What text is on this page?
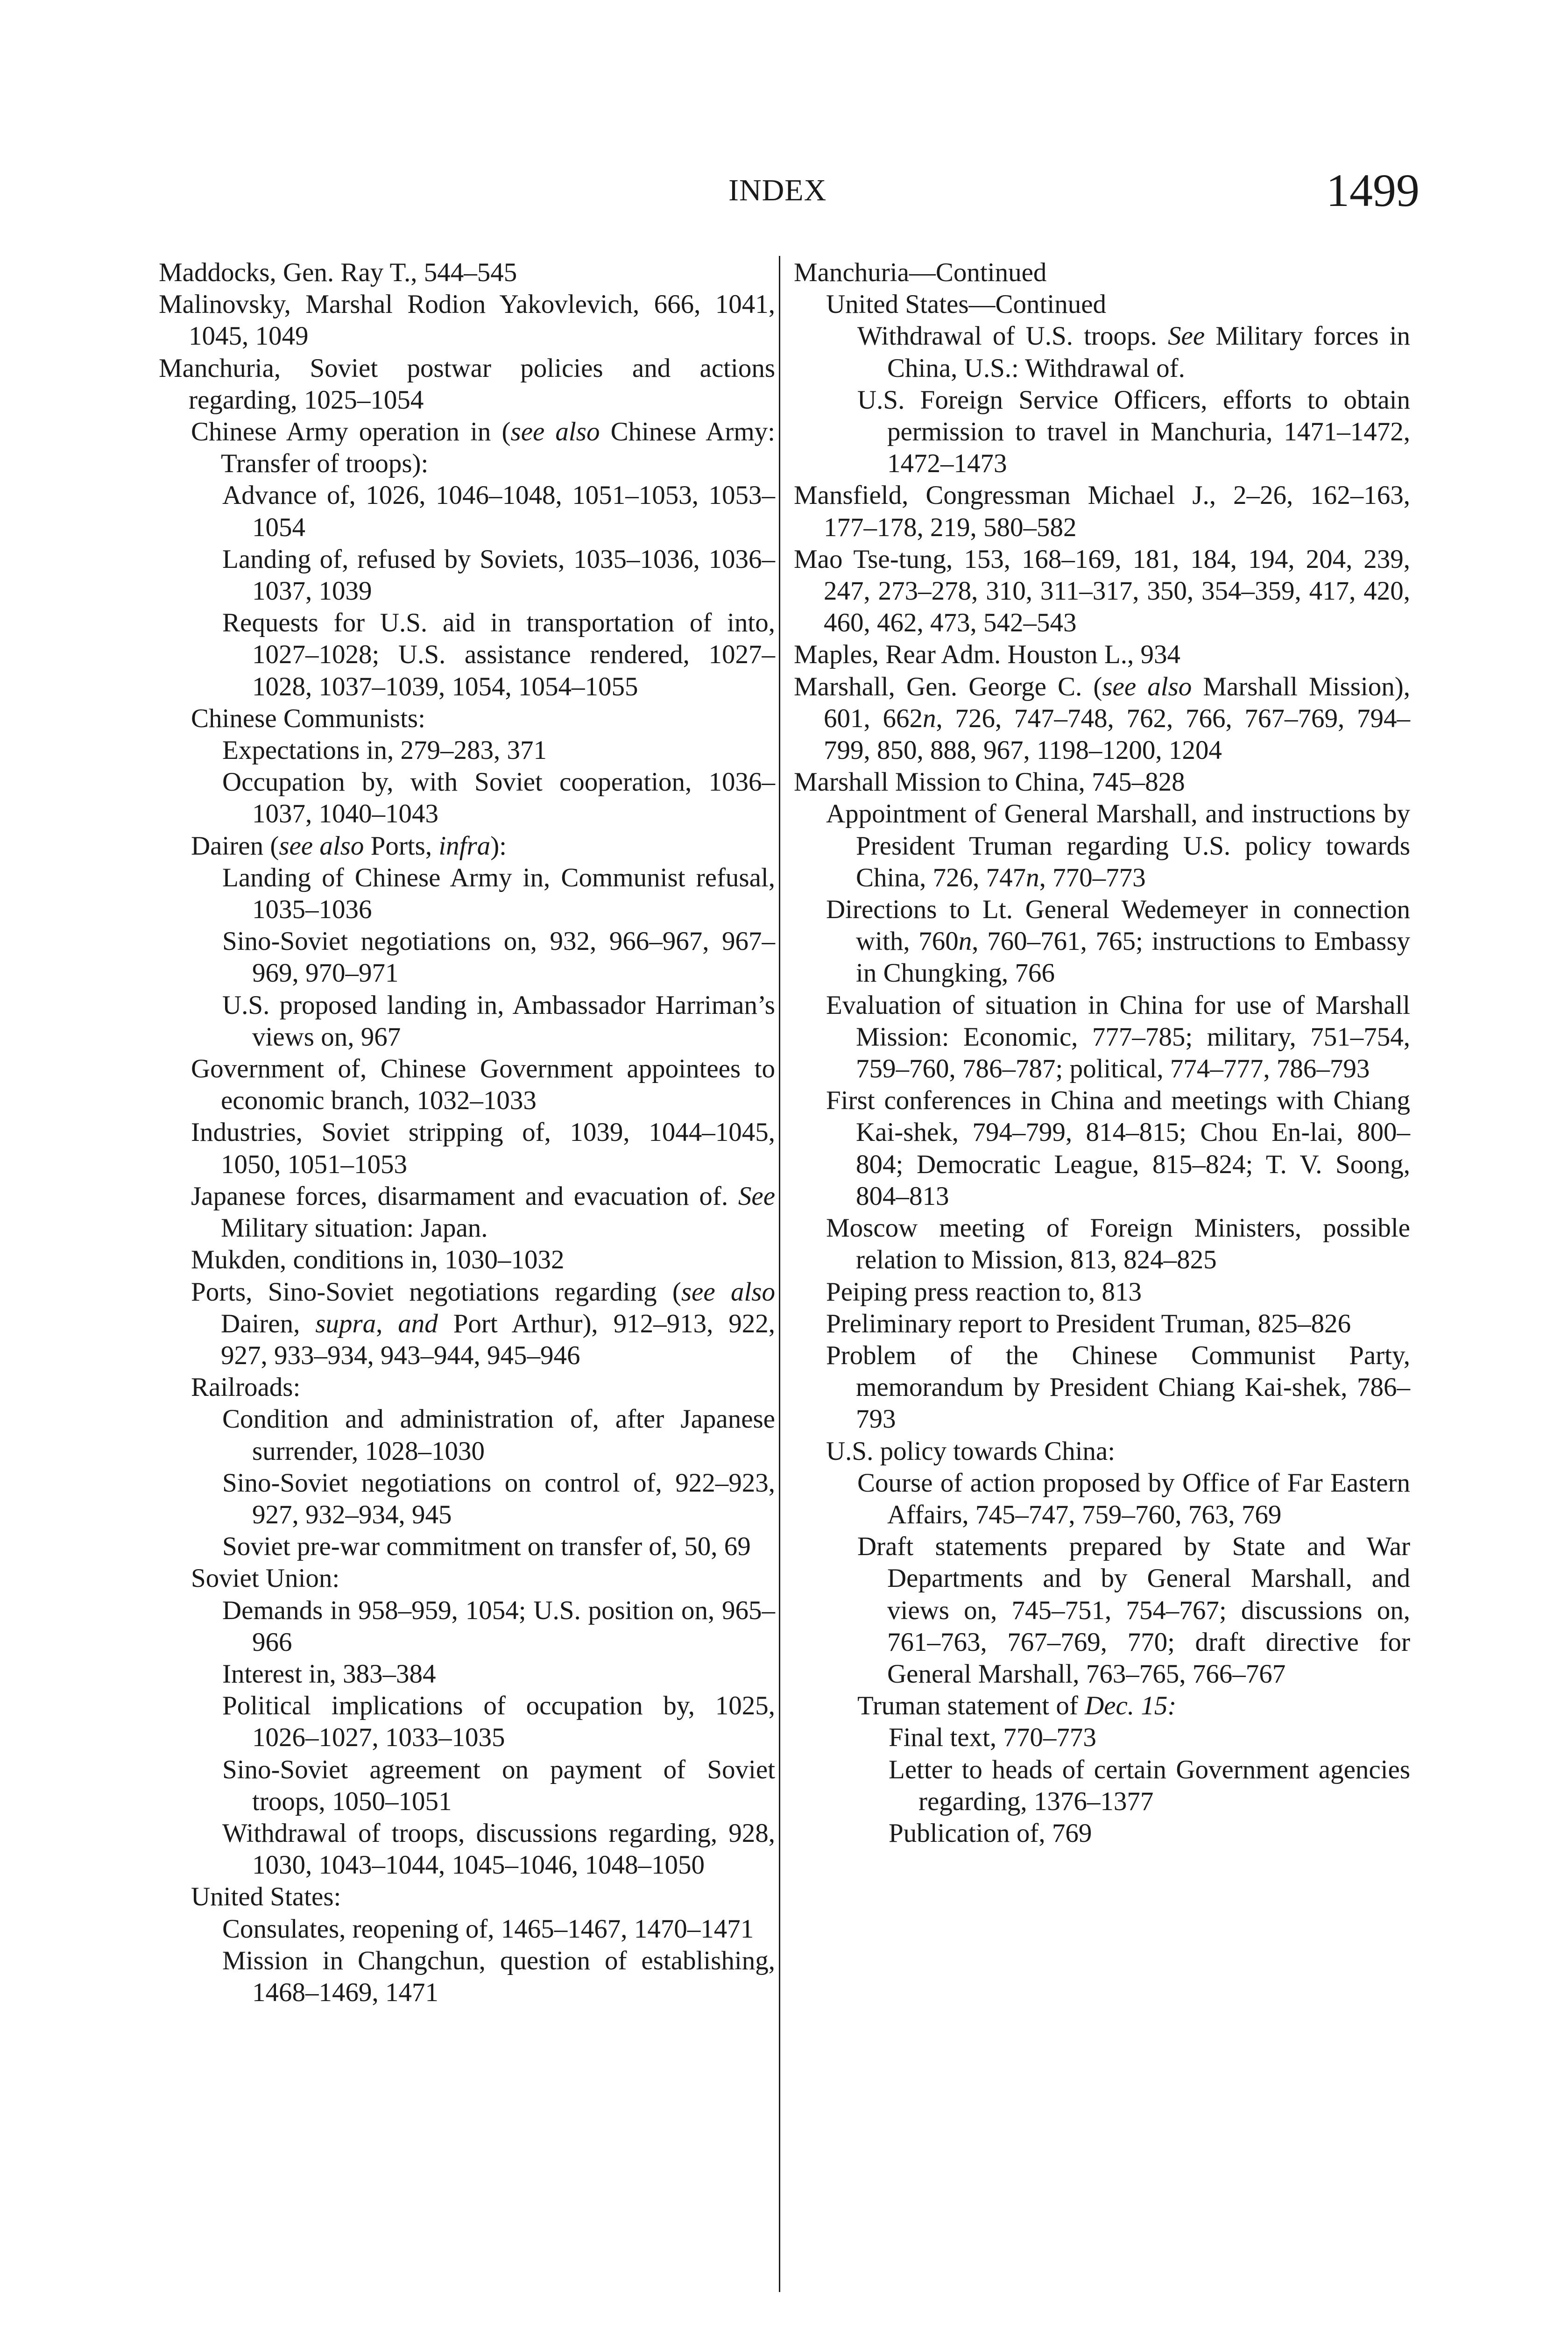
INDEX	1499
Maddocks, Gen. Ray T., 544–545
Malinovsky, Marshal Rodion Yakovlevich, 666, 1041, 1045, 1049
Manchuria, Soviet postwar policies and actions regarding, 1025–1054
Chinese Army operation in (see also Chinese Army: Transfer of troops):
Advance of, 1026, 1046–1048, 1051–1053, 1053–1054
Landing of, refused by Soviets, 1035–1036, 1036–1037, 1039
Requests for U.S. aid in transportation of into, 1027–1028; U.S. assistance rendered, 1027–1028, 1037–1039, 1054, 1054–1055
Chinese Communists:
Expectations in, 279–283, 371
Occupation by, with Soviet cooperation, 1036–1037, 1040–1043
Dairen (see also Ports, infra):
Landing of Chinese Army in, Communist refusal, 1035–1036
Sino-Soviet negotiations on, 932, 966–967, 967–969, 970–971
U.S. proposed landing in, Ambassador Harriman’s views on, 967
Government of, Chinese Government appointees to economic branch, 1032–1033
Industries, Soviet stripping of, 1039, 1044–1045, 1050, 1051–1053
Japanese forces, disarmament and evacuation of. See Military situation: Japan.
Mukden, conditions in, 1030–1032
Ports, Sino-Soviet negotiations regarding (see also Dairen, supra, and Port Arthur), 912–913, 922, 927, 933–934, 943–944, 945–946
Railroads:
Condition and administration of, after Japanese surrender, 1028–1030
Sino-Soviet negotiations on control of, 922–923, 927, 932–934, 945
Soviet pre-war commitment on transfer of, 50, 69
Soviet Union:
Demands in 958–959, 1054; U.S. position on, 965–966
Interest in, 383–384
Political implications of occupation by, 1025, 1026–1027, 1033–1035
Sino-Soviet agreement on payment of Soviet troops, 1050–1051
Withdrawal of troops, discussions regarding, 928, 1030, 1043–1044, 1045–1046, 1048–1050
United States:
Consulates, reopening of, 1465–1467, 1470–1471
Mission in Changchun, question of establishing, 1468–1469, 1471
Manchuria—Continued
United States—Continued
Withdrawal of U.S. troops. See Military forces in China, U.S.: Withdrawal of.
U.S. Foreign Service Officers, efforts to obtain permission to travel in Manchuria, 1471–1472, 1472–1473
Mansfield, Congressman Michael J., 2–26, 162–163, 177–178, 219, 580–582
Mao Tse-tung, 153, 168–169, 181, 184, 194, 204, 239, 247, 273–278, 310, 311–317, 350, 354–359, 417, 420, 460, 462, 473, 542–543
Maples, Rear Adm. Houston L., 934
Marshall, Gen. George C. (see also Marshall Mission), 601, 662n, 726, 747–748, 762, 766, 767–769, 794–799, 850, 888, 967, 1198–1200, 1204
Marshall Mission to China, 745–828
Appointment of General Marshall, and instructions by President Truman regarding U.S. policy towards China, 726, 747n, 770–773
Directions to Lt. General Wedemeyer in connection with, 760n, 760–761, 765; instructions to Embassy in Chungking, 766
Evaluation of situation in China for use of Marshall Mission: Economic, 777–785; military, 751–754, 759–760, 786–787; political, 774–777, 786–793
First conferences in China and meetings with Chiang Kai-shek, 794–799, 814–815; Chou En-lai, 800–804; Democratic League, 815–824; T. V. Soong, 804–813
Moscow meeting of Foreign Ministers, possible relation to Mission, 813, 824–825
Peiping press reaction to, 813
Preliminary report to President Truman, 825–826
Problem of the Chinese Communist Party, memorandum by President Chiang Kai-shek, 786–793
U.S. policy towards China:
Course of action proposed by Office of Far Eastern Affairs, 745–747, 759–760, 763, 769
Draft statements prepared by State and War Departments and by General Marshall, and views on, 745–751, 754–767; discussions on, 761–763, 767–769, 770; draft directive for General Marshall, 763–765, 766–767
Truman statement of Dec. 15:
Final text, 770–773
Letter to heads of certain Government agencies regarding, 1376–1377
Publication of, 769
